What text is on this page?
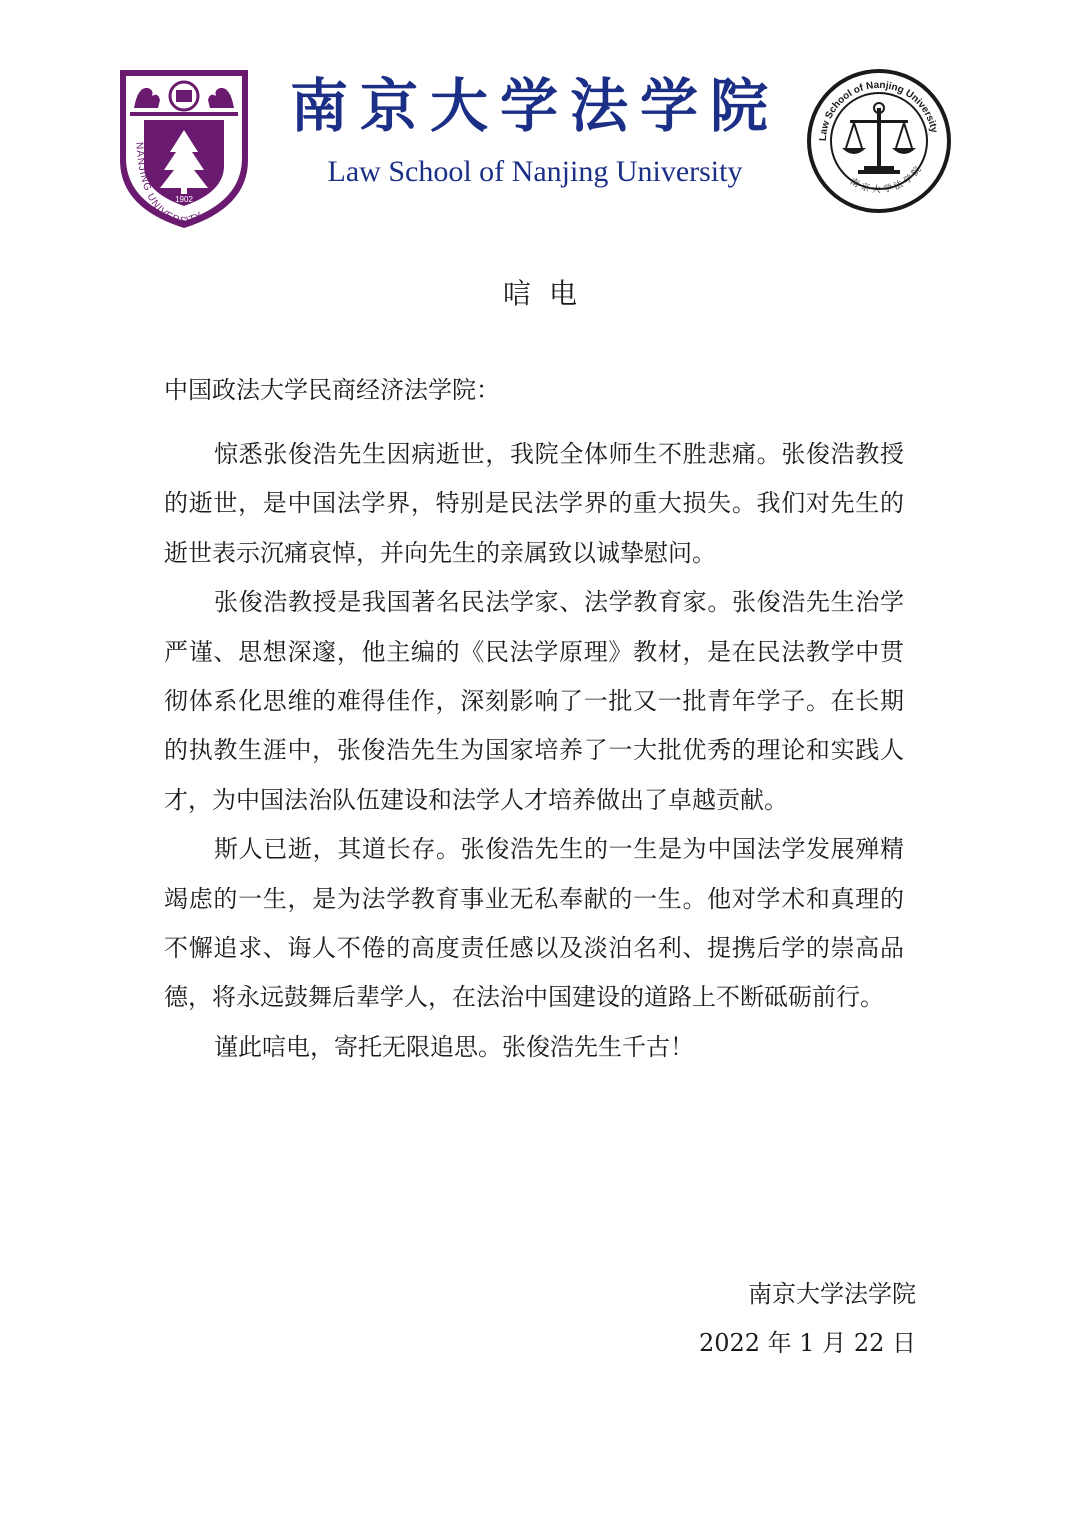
1902
NANJING UNIVERSITY
南京大学法学院
Law School of Nanjing University
Law School of Nanjing University
南京大学法学院
唁电
中国政法大学民商经济法学院：

惊悉张俊浩先生因病逝世，我院全体师生不胜悲痛。张俊浩教授的逝世，是中国法学界，特别是民法学界的重大损失。我们对先生的逝世表示沉痛哀悼，并向先生的亲属致以诚挚慰问。

张俊浩教授是我国著名民法学家、法学教育家。张俊浩先生治学严谨、思想深邃，他主编的《民法学原理》教材，是在民法教学中贯彻体系化思维的难得佳作，深刻影响了一批又一批青年学子。在长期的执教生涯中，张俊浩先生为国家培养了一大批优秀的理论和实践人才，为中国法治队伍建设和法学人才培养做出了卓越贡献。

斯人已逝，其道长存。张俊浩先生的一生是为中国法学发展殚精竭虑的一生，是为法学教育事业无私奉献的一生。他对学术和真理的不懈追求、诲人不倦的高度责任感以及淡泊名利、提携后学的崇高品德，将永远鼓舞后辈学人，在法治中国建设的道路上不断砥砺前行。

谨此唁电，寄托无限追思。张俊浩先生千古！

南京大学法学院
2022 年 1 月 22 日
